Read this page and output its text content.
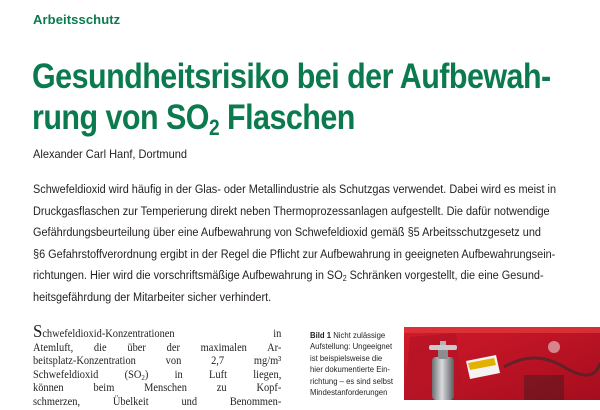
Arbeitsschutz
Gesundheitsrisiko bei der Aufbewah-
rung von $SO_2$ Flaschen
Alexander Carl Hanf, Dortmund
Schwefeldioxid wird häufig in der Glas- oder Metallindustrie als Schutzgas verwendet. Dabei wird es meist in
Druckgasflaschen zur Temperierung direkt neben Thermoprozessanlagen aufgestellt. Die dafür notwendige
Gefährdungsbeurteilung über eine Aufbewahrung von Schwefeldioxid gemäß §5 Arbeitsschutzgesetz und
§6 Gefahrstoffverordnung ergibt in der Regel die Pflicht zur Aufbewahrung in geeigneten Aufbewahrungsein-
richtungen. Hier wird die vorschriftsmäßige Aufbewahrung in $SO_2$ Schränken vorgestellt, die eine Gesund-
heitsgefährdung der Mitarbeiter sicher verhindert.
Schwefeldioxid-Konzentrationen in
Atemluft, die über der maximalen Ar-
beitsplatz-Konzentration von 2,7 mg/m³
Schwefeldioxid $(SO_2)$ in Luft liegen,
können beim Menschen zu Kopf-
schmerzen, Übelkeit und Benommen-
Bild 1 Nicht zulässige
Aufstellung: Ungeeignet
ist beispielsweise die
hier dokumentierte Ein-
richtung – es sind selbst
Mindestanforderungen
